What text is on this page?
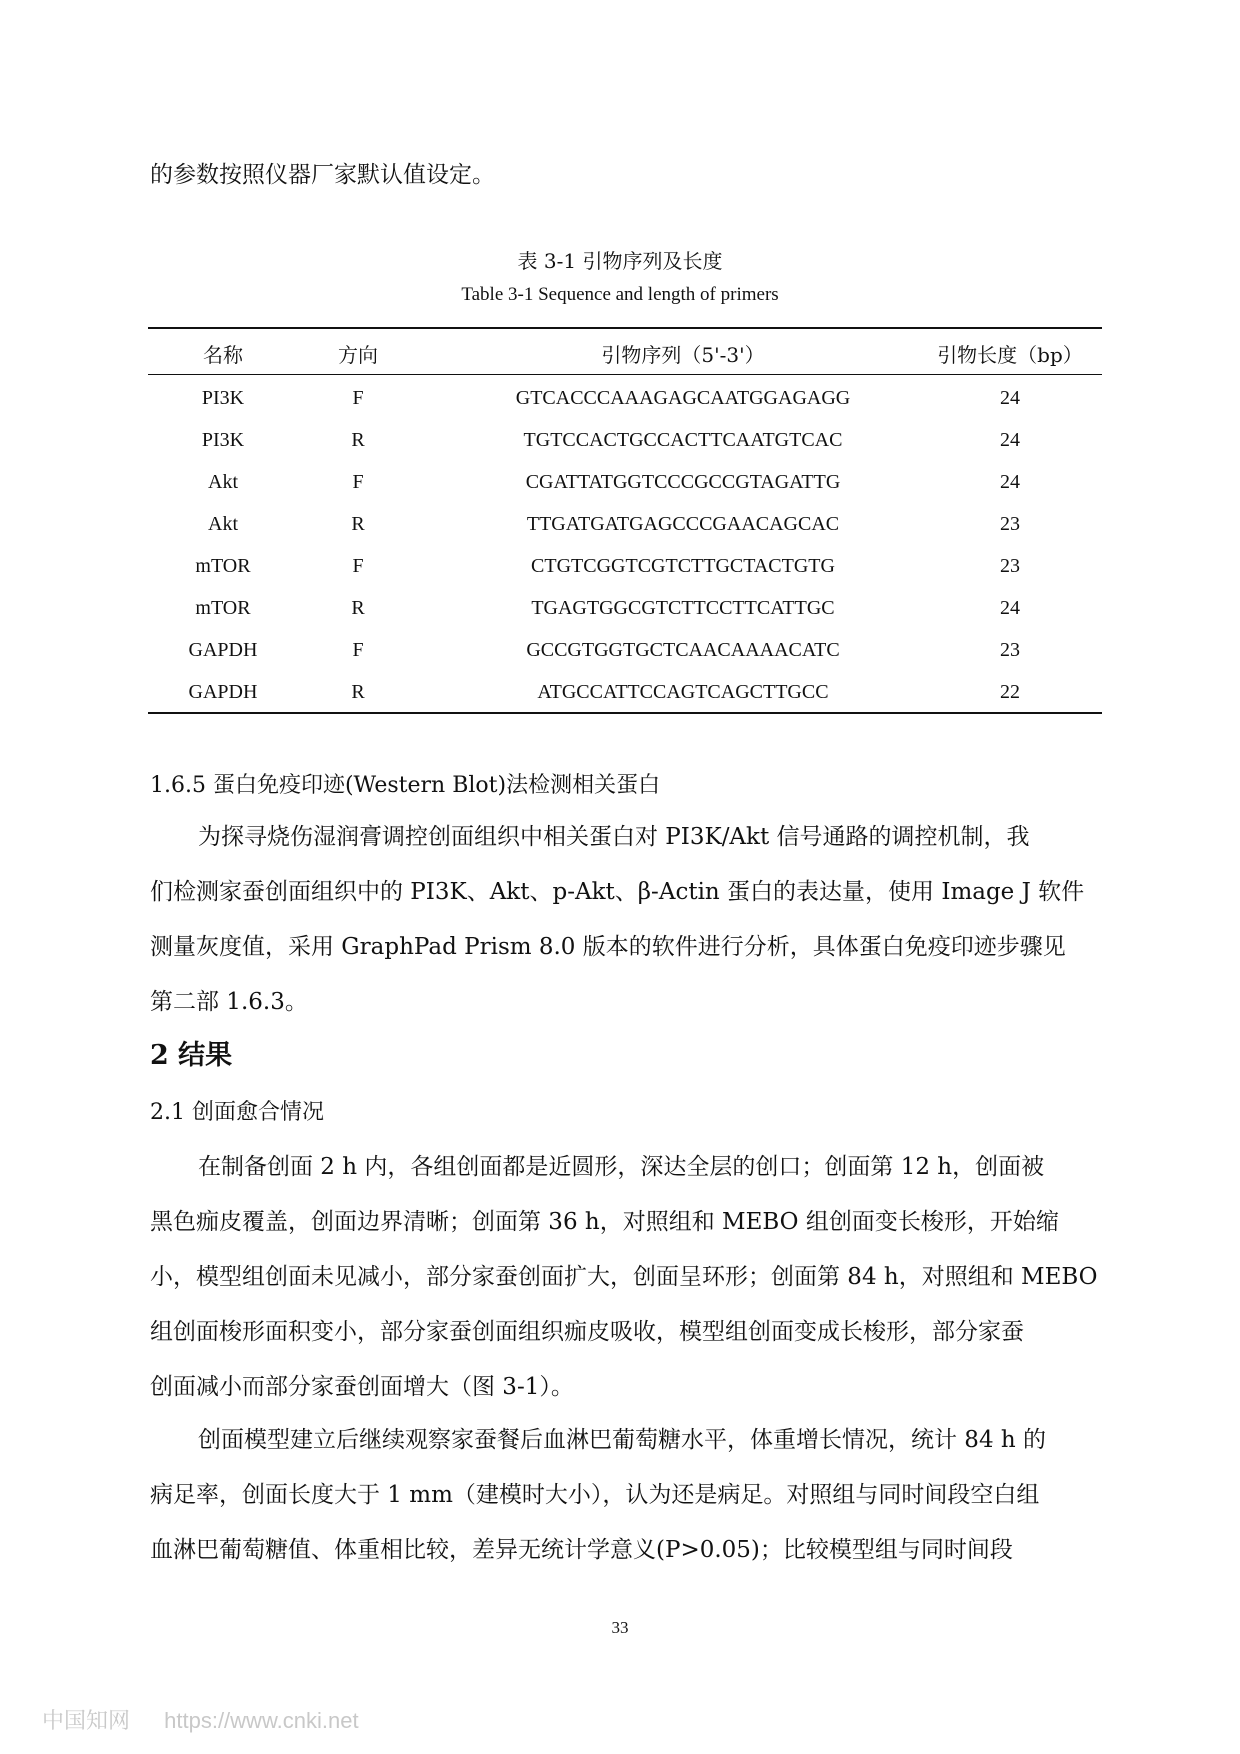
的参数按照仪器厂家默认值设定。
表 3-1 引物序列及长度
Table 3-1 Sequence and length of primers
名称	方向	引物序列（5'-3'）	引物长度（bp）
PI3K	F	GTCACCCAAAGAGCAATGGAGAGG	24
PI3K	R	TGTCCACTGCCACTTCAATGTCAC	24
Akt	F	CGATTATGGTCCCGCCGTAGATTG	24
Akt	R	TTGATGATGAGCCCGAACAGCAC	23
mTOR	F	CTGTCGGTCGTCTTGCTACTGTG	23
mTOR	R	TGAGTGGCGTCTTCCTTCATTGC	24
GAPDH	F	GCCGTGGTGCTCAACAAAACATC	23
GAPDH	R	ATGCCATTCCAGTCAGCTTGCC	22
1.6.5 蛋白免疫印迹(Western Blot)法检测相关蛋白
为探寻烧伤湿润膏调控创面组织中相关蛋白对 PI3K/Akt 信号通路的调控机制，我
们检测家蚕创面组织中的 PI3K、Akt、p-Akt、β-Actin 蛋白的表达量，使用 Image J 软件
测量灰度值，采用 GraphPad Prism 8.0 版本的软件进行分析，具体蛋白免疫印迹步骤见
第二部 1.6.3。
2 结果
2.1 创面愈合情况
在制备创面 2 h 内，各组创面都是近圆形，深达全层的创口；创面第 12 h，创面被
黑色痂皮覆盖，创面边界清晰；创面第 36 h，对照组和 MEBO 组创面变长梭形，开始缩
小，模型组创面未见减小，部分家蚕创面扩大，创面呈环形；创面第 84 h，对照组和 MEBO
组创面梭形面积变小，部分家蚕创面组织痂皮吸收，模型组创面变成长梭形，部分家蚕
创面减小而部分家蚕创面增大（图 3-1）。
创面模型建立后继续观察家蚕餐后血淋巴葡萄糖水平，体重增长情况，统计 84 h 的
病足率，创面长度大于 1 mm（建模时大小），认为还是病足。对照组与同时间段空白组
血淋巴葡萄糖值、体重相比较，差异无统计学意义(P>0.05)；比较模型组与同时间段
33
中国知网 https://www.cnki.net
